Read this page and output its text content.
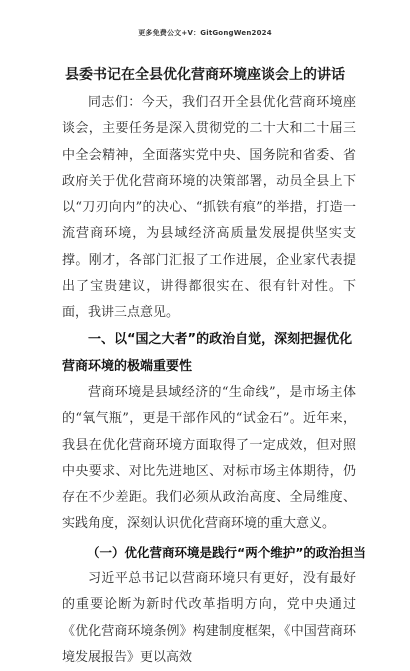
更多免费公文+V：GitGongWen2024
县委书记在全县优化营商环境座谈会上的讲话

同志们：今天，我们召开全县优化营商环境座谈会，主要任务是深入贯彻党的二十大和二十届三中全会精神，全面落实党中央、国务院和省委、省政府关于优化营商环境的决策部署，动员全县上下以“刀刃向内”的决心、“抓铁有痕”的举措，打造一流营商环境，为县域经济高质量发展提供坚实支撑。刚才，各部门汇报了工作进展，企业家代表提出了宝贵建议，讲得都很实在、很有针对性。下面，我讲三点意见。

一、以“国之大者”的政治自觉，深刻把握优化营商环境的极端重要性

营商环境是县域经济的“生命线”，是市场主体的“氧气瓶”，更是干部作风的“试金石”。近年来，我县在优化营商环境方面取得了一定成效，但对照中央要求、对比先进地区、对标市场主体期待，仍存在不少差距。我们必须从政治高度、全局维度、实践角度，深刻认识优化营商环境的重大意义。

（一）优化营商环境是践行“两个维护”的政治担当

习近平总书记以营商环境只有更好，没有最好的重要论断为新时代改革指明方向，党中央通过《优化营商环境条例》构建制度框架，《中国营商环境发展报告》更以高效
